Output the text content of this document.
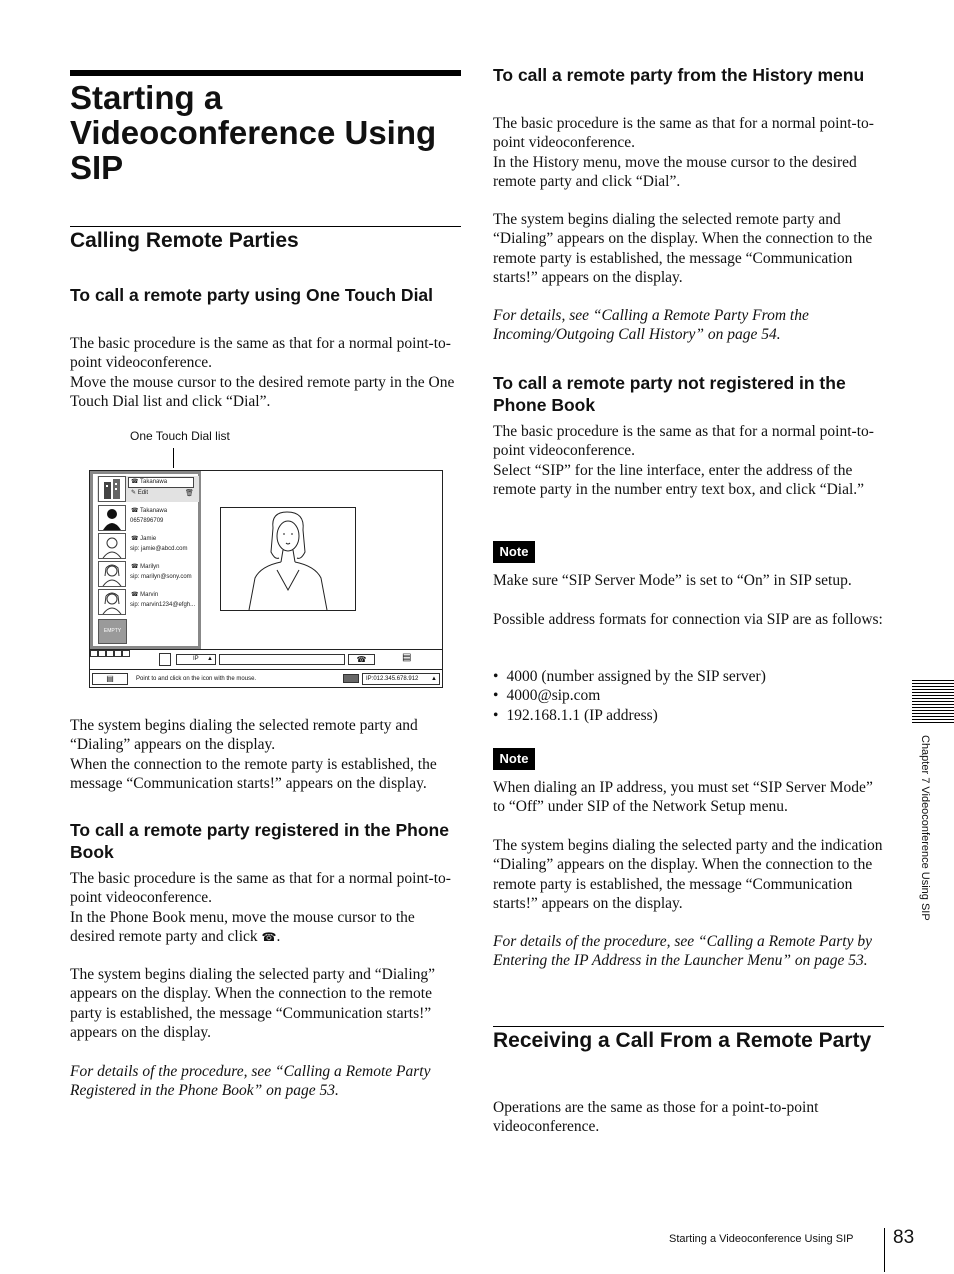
Starting a Videoconference Using SIP
Calling Remote Parties
To call a remote party using One Touch Dial

The basic procedure is the same as that for a normal point-to-point videoconference.
Move the mouse cursor to the desired remote party in the One Touch Dial list and click “Dial”.

One Touch Dial list
☎ Takanawa
✎ Edit	🗑
☎ Takanawa
0657896709
☎ Jamie
sip: jamie@abcd.com
☎ Marilyn
sip: marilyn@sony.com
☎ Marvin
sip: marvin1234@efgh...
EMPTY
IP ▲	☎	▤
▤	Point to and click on the icon with the mouse.	IP:012.345.678.912 ▲

The system begins dialing the selected remote party and “Dialing” appears on the display.
When the connection to the remote party is established, the message “Communication starts!” appears on the display.

To call a remote party registered in the Phone Book

The basic procedure is the same as that for a normal point-to-point videoconference.
In the Phone Book menu, move the mouse cursor to the desired remote party and click ☎.

The system begins dialing the selected party and “Dialing” appears on the display. When the connection to the remote party is established, the message “Communication starts!” appears on the display.

For details of the procedure, see “Calling a Remote Party Registered in the Phone Book” on page 53.

To call a remote party from the History menu

The basic procedure is the same as that for a normal point-to-point videoconference.
In the History menu, move the mouse cursor to the desired remote party and click “Dial”.

The system begins dialing the selected remote party and “Dialing” appears on the display. When the connection to the remote party is established, the message “Communication starts!” appears on the display.

For details, see “Calling a Remote Party From the Incoming/Outgoing Call History” on page 54.

To call a remote party not registered in the Phone Book

The basic procedure is the same as that for a normal point-to-point videoconference.
Select “SIP” for the line interface, enter the address of the remote party in the number entry text box, and click “Dial.”

Note

Make sure “SIP Server Mode” is set to “On” in SIP setup.

Possible address formats for connection via SIP are as follows:

• 4000 (number assigned by the SIP server)
• 4000@sip.com
• 192.168.1.1 (IP address)
Note

When dialing an IP address, you must set “SIP Server Mode” to “Off” under SIP of the Network Setup menu.

The system begins dialing the selected party and the indication “Dialing” appears on the display. When the connection to the remote party is established, the message “Communication starts!” appears on the display.

For details of the procedure, see “Calling a Remote Party by Entering the IP Address in the Launcher Menu” on page 53.

Receiving a Call From a Remote Party

Operations are the same as those for a point-to-point videoconference.

Chapter 7 Videoconference Using SIP
Starting a Videoconference Using SIP 83
